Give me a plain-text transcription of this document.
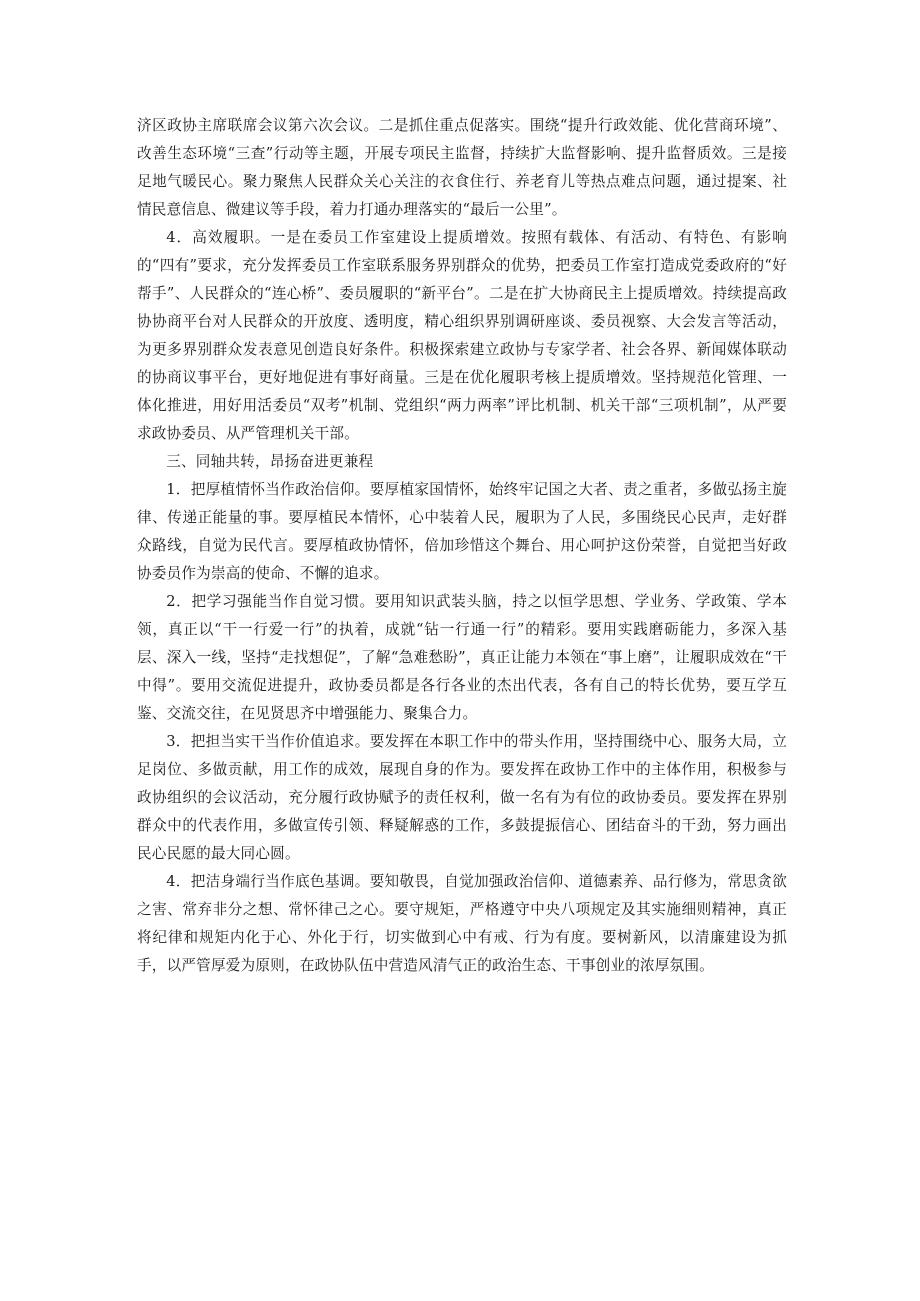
济区政协主席联席会议第六次会议。二是抓住重点促落实。围绕“提升行政效能、优化营商环境”、改善生态环境“三查”行动等主题，开展专项民主监督，持续扩大监督影响、提升监督质效。三是接足地气暖民心。聚力聚焦人民群众关心关注的衣食住行、养老育儿等热点难点问题，通过提案、社情民意信息、微建议等手段，着力打通办理落实的“最后一公里”。

4．高效履职。一是在委员工作室建设上提质增效。按照有载体、有活动、有特色、有影响的“四有”要求，充分发挥委员工作室联系服务界别群众的优势，把委员工作室打造成党委政府的“好帮手”、人民群众的“连心桥”、委员履职的“新平台”。二是在扩大协商民主上提质增效。持续提高政协协商平台对人民群众的开放度、透明度，精心组织界别调研座谈、委员视察、大会发言等活动，为更多界别群众发表意见创造良好条件。积极探索建立政协与专家学者、社会各界、新闻媒体联动的协商议事平台，更好地促进有事好商量。三是在优化履职考核上提质增效。坚持规范化管理、一体化推进，用好用活委员“双考”机制、党组织“两力两率”评比机制、机关干部“三项机制”，从严要求政协委员、从严管理机关干部。

三、同轴共转，昂扬奋进更兼程

1．把厚植情怀当作政治信仰。要厚植家国情怀，始终牢记国之大者、责之重者，多做弘扬主旋律、传递正能量的事。要厚植民本情怀，心中装着人民，履职为了人民，多围绕民心民声，走好群众路线，自觉为民代言。要厚植政协情怀，倍加珍惜这个舞台、用心呵护这份荣誉，自觉把当好政协委员作为崇高的使命、不懈的追求。

2．把学习强能当作自觉习惯。要用知识武装头脑，持之以恒学思想、学业务、学政策、学本领，真正以“干一行爱一行”的执着，成就“钻一行通一行”的精彩。要用实践磨砺能力，多深入基层、深入一线，坚持“走找想促”，了解“急难愁盼”，真正让能力本领在“事上磨”，让履职成效在“干中得”。要用交流促进提升，政协委员都是各行各业的杰出代表，各有自己的特长优势，要互学互鉴、交流交往，在见贤思齐中增强能力、聚集合力。

3．把担当实干当作价值追求。要发挥在本职工作中的带头作用，坚持围绕中心、服务大局，立足岗位、多做贡献，用工作的成效，展现自身的作为。要发挥在政协工作中的主体作用，积极参与政协组织的会议活动，充分履行政协赋予的责任权利，做一名有为有位的政协委员。要发挥在界别群众中的代表作用，多做宣传引领、释疑解惑的工作，多鼓提振信心、团结奋斗的干劲，努力画出民心民愿的最大同心圆。

4．把洁身端行当作底色基调。要知敬畏，自觉加强政治信仰、道德素养、品行修为，常思贪欲之害、常弃非分之想、常怀律己之心。要守规矩，严格遵守中央八项规定及其实施细则精神，真正将纪律和规矩内化于心、外化于行，切实做到心中有戒、行为有度。要树新风，以清廉建设为抓手，以严管厚爱为原则，在政协队伍中营造风清气正的政治生态、干事创业的浓厚氛围。
